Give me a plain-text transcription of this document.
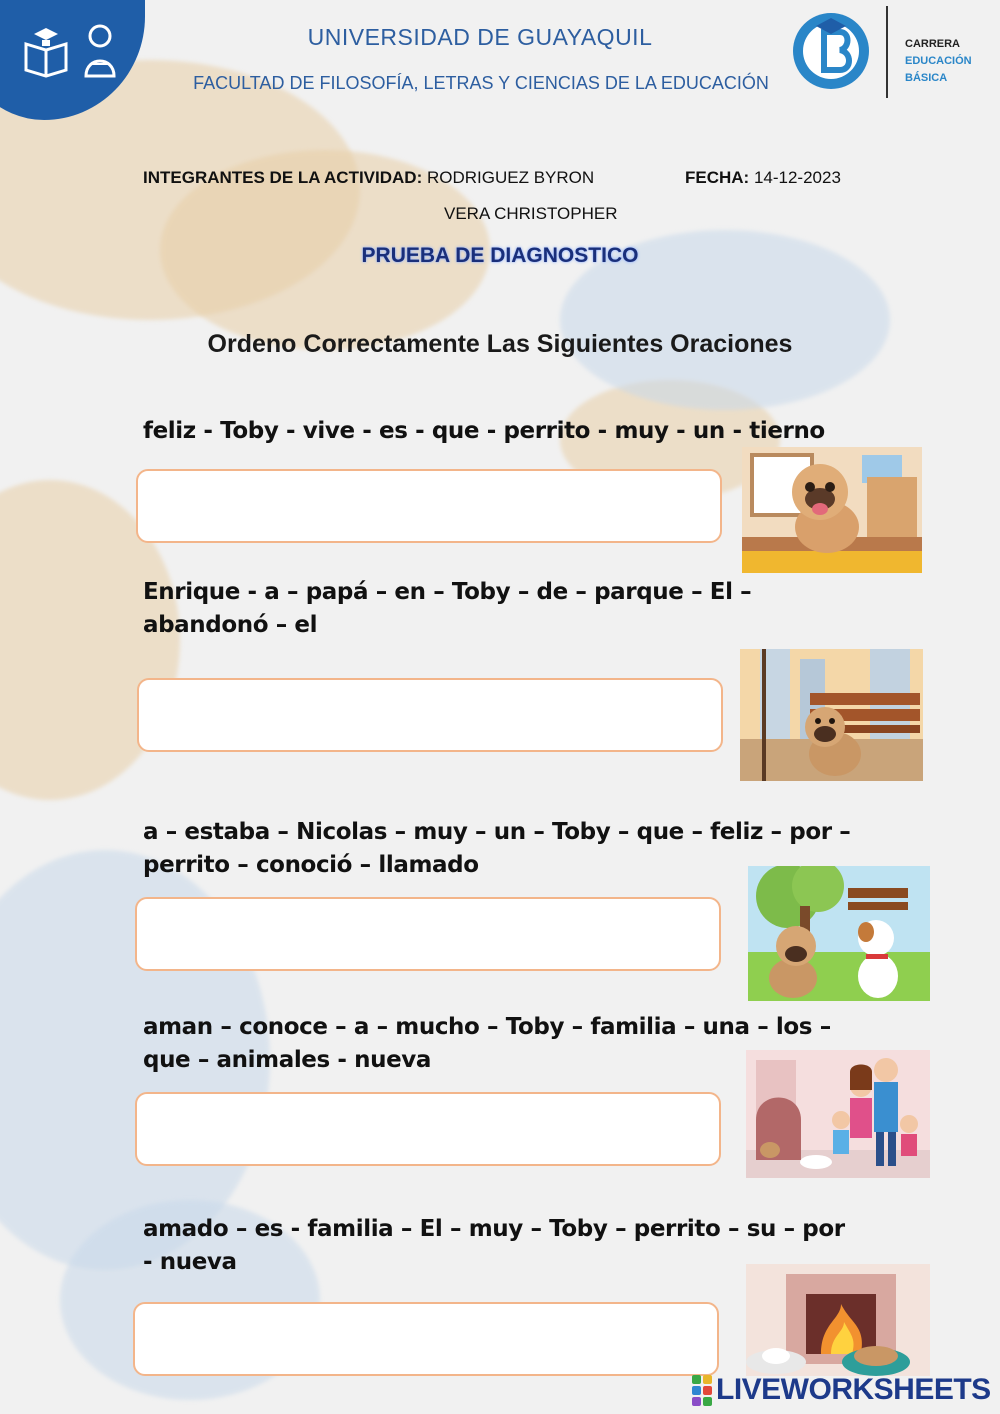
UNIVERSIDAD DE GUAYAQUIL
FACULTAD DE FILOSOFÍA, LETRAS Y CIENCIAS DE LA EDUCACIÓN
CARRERA
EDUCACIÓN BÁSICA
INTEGRANTES DE LA ACTIVIDAD: RODRIGUEZ BYRON
VERA CHRISTOPHER
FECHA: 14-12-2023
PRUEBA DE DIAGNOSTICO
Ordeno Correctamente Las Siguientes Oraciones
feliz - Toby - vive - es - que - perrito - muy - un - tierno
Enrique - a – papá – en – Toby – de – parque – El – abandonó – el
a – estaba – Nicolas – muy – un – Toby – que – feliz – por – perrito – conoció – llamado
aman – conoce – a – mucho – Toby – familia – una – los – que – animales - nueva
amado – es - familia – El – muy – Toby – perrito – su – por - nueva
LIVEWORKSHEETS
